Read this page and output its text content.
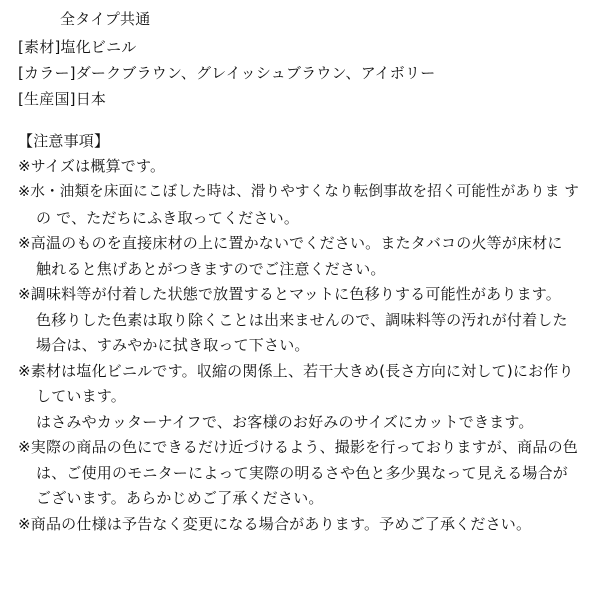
全タイプ共通
[素材]塩化ビニル
[カラー]ダークブラウン、グレイッシュブラウン、アイボリー
[生産国]日本
【注意事項】
※サイズは概算です。
※水・油類を床面にこぼした時は、滑りやすくなり転倒事故を招く可能性がありま す
の で、ただちにふき取ってください。
※高温のものを直接床材の上に置かないでください。またタバコの火等が床材に
触れると焦げあとがつきますのでご注意ください。
※調味料等が付着した状態で放置するとマットに色移りする可能性があります。
色移りした色素は取り除くことは出来ませんので、調味料等の汚れが付着した
場合は、すみやかに拭き取って下さい。
※素材は塩化ビニルです。収縮の関係上、若干大きめ(長さ方向に対して)にお作り
しています。
はさみやカッターナイフで、お客様のお好みのサイズにカットできます。
※実際の商品の色にできるだけ近づけるよう、撮影を行っておりますが、商品の色
は、ご使用のモニターによって実際の明るさや色と多少異なって見える場合が
ございます。あらかじめご了承ください。
※商品の仕様は予告なく変更になる場合があります。予めご了承ください。
